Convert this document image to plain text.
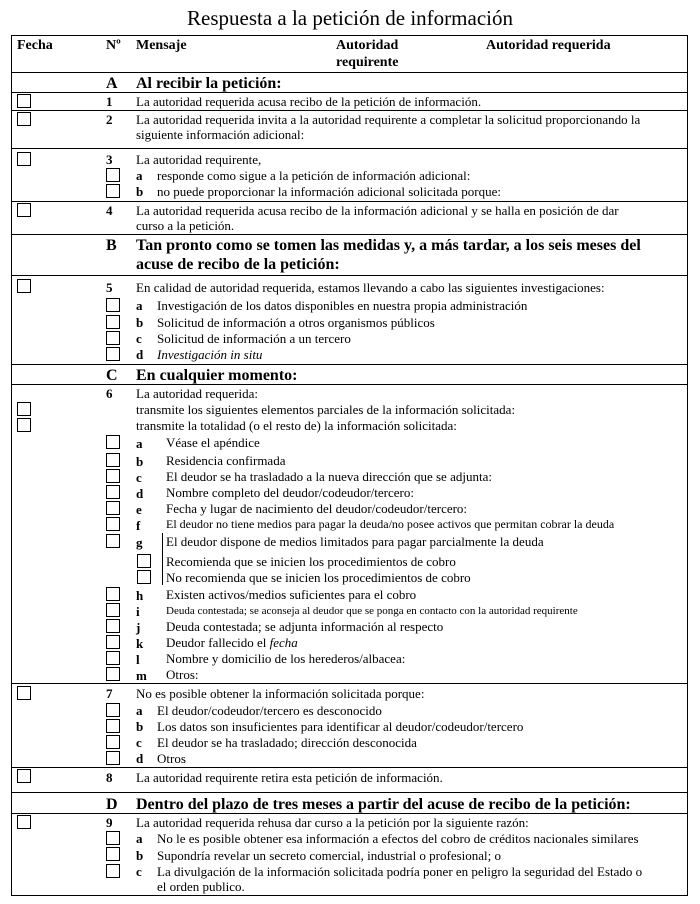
Respuesta a la petición de información
Fecha	Nº Mensaje	Autoridad
requirente
Autoridad requerida
A Al recibir la petición:
1 La autoridad requerida acusa recibo de la petición de información.
2 La autoridad requerida invita a la autoridad requirente a completar la solicitud proporcionando la
siguiente información adicional:
3 La autoridad requirente,
a responde como sigue a la petición de información adicional:
b no puede proporcionar la información adicional solicitada porque:
4 La autoridad requerida acusa recibo de la información adicional y se halla en posición de dar
curso a la petición.
B Tan pronto como se tomen las medidas y, a más tardar, a los seis meses del
acuse de recibo de la petición:
5 En calidad de autoridad requerida, estamos llevando a cabo las siguientes investigaciones:
a Investigación de los datos disponibles en nuestra propia administración
b Solicitud de información a otros organismos públicos
c Solicitud de información a un tercero
d Investigación in situ
C En cualquier momento:
6 La autoridad requerida:
transmite los siguientes elementos parciales de la información solicitada:
transmite la totalidad (o el resto de) la información solicitada:
a Véase el apéndice
b Residencia confirmada
c El deudor se ha trasladado a la nueva dirección que se adjunta:
d Nombre completo del deudor/codeudor/tercero:
e Fecha y lugar de nacimiento del deudor/codeudor/tercero:
f El deudor no tiene medios para pagar la deuda/no posee activos que permitan cobrar la deuda
g El deudor dispone de medios limitados para pagar parcialmente la deuda
Recomienda que se inicien los procedimientos de cobro
No recomienda que se inicien los procedimientos de cobro
h Existen activos/medios suficientes para el cobro
i Deuda contestada; se aconseja al deudor que se ponga en contacto con la autoridad requirente
j Deuda contestada; se adjunta información al respecto
k Deudor fallecido el fecha
l Nombre y domicilio de los herederos/albacea:
m Otros:
7 No es posible obtener la información solicitada porque:
a El deudor/codeudor/tercero es desconocido
b Los datos son insuficientes para identificar al deudor/codeudor/tercero
c El deudor se ha trasladado; dirección desconocida
d Otros
8 La autoridad requirente retira esta petición de información.
D Dentro del plazo de tres meses a partir del acuse de recibo de la petición:
9 La autoridad requerida rehusa dar curso a la petición por la siguiente razón:
a No le es posible obtener esa información a efectos del cobro de créditos nacionales similares
b Supondría revelar un secreto comercial, industrial o profesional; o
c La divulgación de la información solicitada podría poner en peligro la seguridad del Estado o
el orden publico.
